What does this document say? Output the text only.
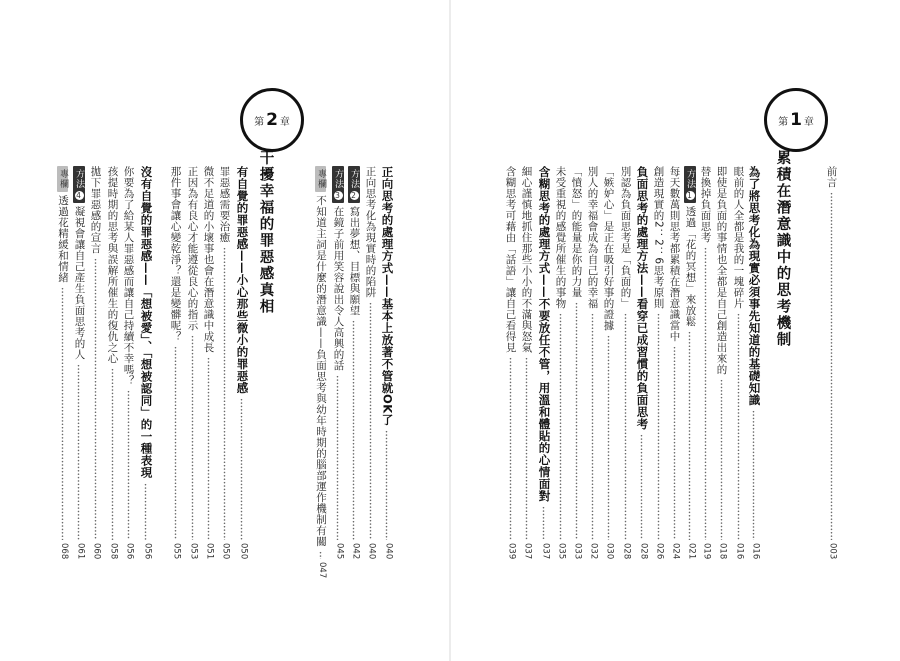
前言
003
第 1 章
累積在潛意識中的思考機制
為了將思考化為現實必須事先知道的基礎知識
016
眼前的人全都是我的一塊碎片
016
即使是負面的事情也全都是自己創造出來的
018
替換掉負面思考
019
方法1
透過「花的冥想」來放鬆
021
每天數萬則思考都累積在潛意識當中
024
創造現實的2：2：6思考原則
026
負面思考的處理方法——看穿已成習慣的負面思考
028
別認為負面思考是「負面的」
028
「嫉妒心」是正在吸引好事的證據
030
別人的幸福會成為自己的幸福
032
「憤怒」的能量是你的力量
033
未受重視的感覺所催生的事物
035
含糊思考的處理方式——不要放任不管，用溫和體貼的心情面對
037
細心謹慎地抓住那些小小的不滿與怒氣
037
含糊思考可藉由「話語」讓自己看得見
039
正向思考的處理方式——基本上放著不管就OK了
040
正向思考化為現實時的陷阱
040
方法2
寫出夢想、目標與願望
042
方法3
在鏡子前用笑容說出令人高興的話
045
專欄
不知道主詞是什麼的潛意識——負面思考與幼年時期的腦部運作機制有關
047
第 2 章
干擾幸福的罪惡感真相
有自覺的罪惡感——小心那些微小的罪惡感
050
罪惡感需要治癒
050
微不足道的小壞事也會在潛意識中成長
051
正因為有良心才能遵從良心的指示
053
那件事會讓心變乾淨？還是變髒呢？
055
沒有自覺的罪惡感——「想被愛」、「想被認同」的一種表現
056
你要為了給某人罪惡感而讓自己持續不幸嗎？
056
孩提時期的思考與誤解所催生的復仇之心
058
拋下罪惡感的宣言
060
方法4
凝視會讓自己產生負面思考的人
061
專欄
透過花精緩和情緒
068
